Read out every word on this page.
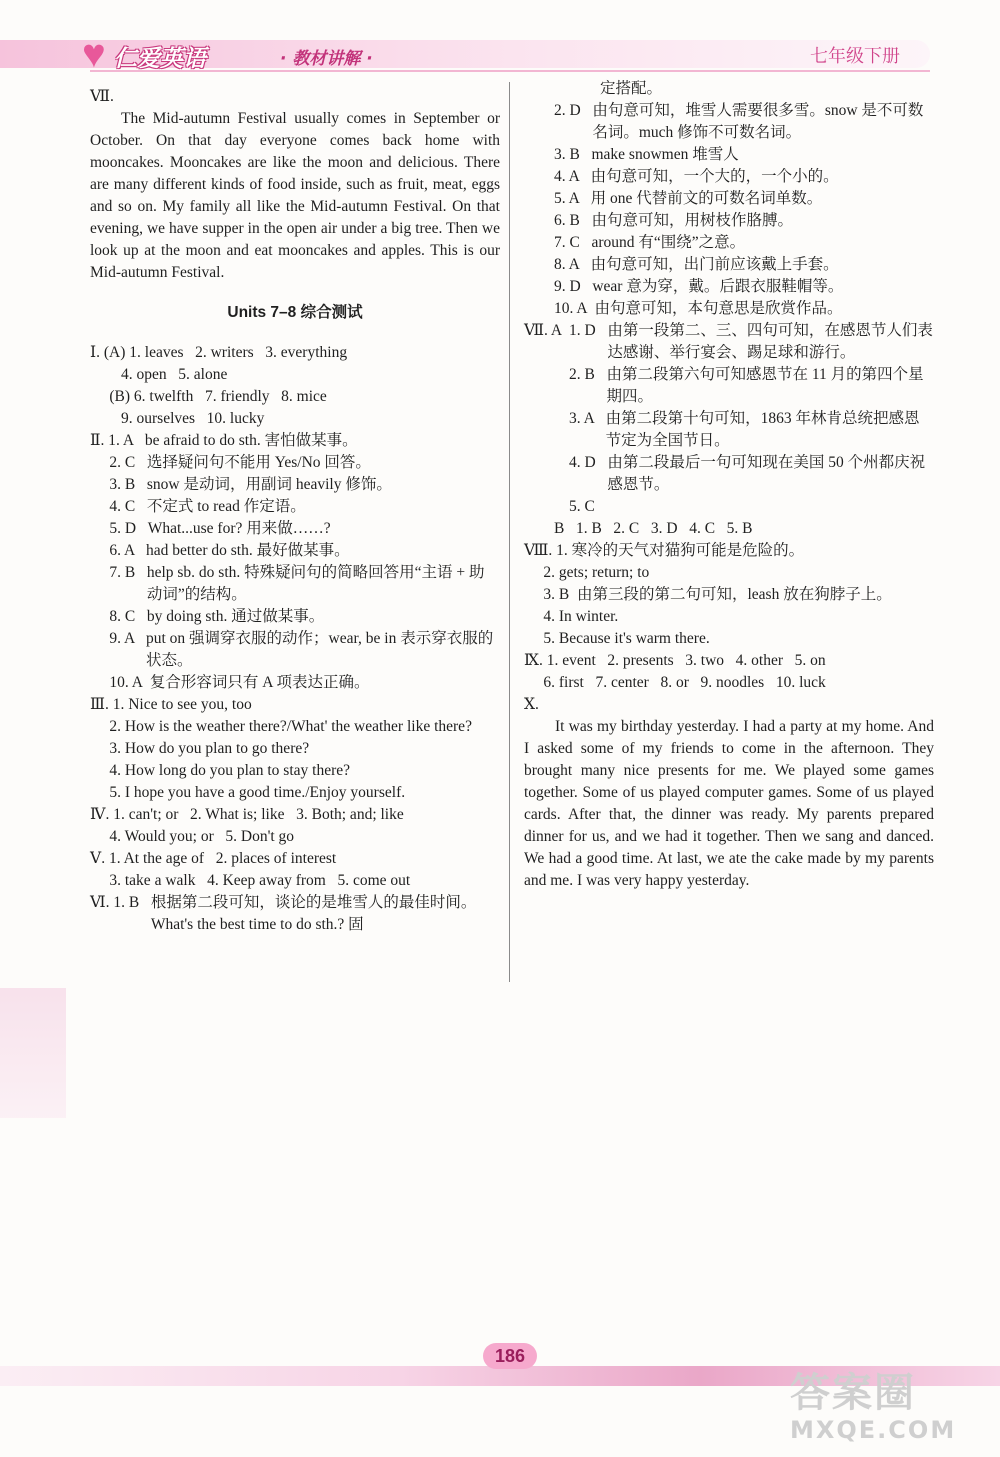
♥ 仁爱英语	· 教材讲解 ·	七年级下册
Ⅶ.

The Mid-autumn Festival usually comes in September or October. On that day everyone comes back home with mooncakes. Mooncakes are like the moon and delicious. There are many different kinds of food inside, such as fruit, meat, eggs and so on. My family all like the Mid-autumn Festival. On that evening, we have supper in the open air under a big tree. Then we look up at the moon and eat mooncakes and apples. This is our Mid-autumn Festival.

Units 7–8 综合测试
Ⅰ. (A) 1. leaves   2. writers   3. everything
4. open   5. alone
(B) 6. twelfth   7. friendly   8. mice
9. ourselves   10. lucky
Ⅱ. 1. A be afraid to do sth. 害怕做某事。
2. C 选择疑问句不能用 Yes/No 回答。
3. B snow 是动词，用副词 heavily 修饰。
4. C 不定式 to read 作定语。
5. D What...use for? 用来做……?
6. A had better do sth. 最好做某事。
7. B help sb. do sth. 特殊疑问句的简略回答用“主语 + 助动词”的结构。
8. C by doing sth. 通过做某事。
9. A put on 强调穿衣服的动作；wear, be in 表示穿衣服的状态。
10. A 复合形容词只有 A 项表达正确。
Ⅲ. 1. Nice to see you, too
2. How is the weather there?/What' the weather like there?
3. How do you plan to go there?
4. How long do you plan to stay there?
5. I hope you have a good time./Enjoy yourself.
Ⅳ. 1. can't; or   2. What is; like   3. Both; and; like
4. Would you; or   5. Don't go
Ⅴ. 1. At the age of   2. places of interest
3. take a walk   4. Keep away from   5. come out
Ⅵ. 1. B 根据第二段可知，谈论的是堆雪人的最佳时间。What's the best time to do sth.? 固
定搭配。
2. D 由句意可知，堆雪人需要很多雪。snow 是不可数名词。much 修饰不可数名词。
3. B make snowmen 堆雪人
4. A 由句意可知，一个大的，一个小的。
5. A 用 one 代替前文的可数名词单数。
6. B 由句意可知，用树枝作胳膊。
7. C around 有“围绕”之意。
8. A 由句意可知，出门前应该戴上手套。
9. D wear 意为穿，戴。后跟衣服鞋帽等。
10. A 由句意可知，本句意思是欣赏作品。
Ⅶ. A 1. D 由第一段第二、三、四句可知，在感恩节人们表达感谢、举行宴会、踢足球和游行。
2. B 由第二段第六句可知感恩节在 11 月的第四个星期四。
3. A 由第二段第十句可知，1863 年林肯总统把感恩节定为全国节日。
4. D 由第二段最后一句可知现在美国 50 个州都庆祝感恩节。
5. C
B   1. B   2. C   3. D   4. C   5. B
Ⅷ. 1. 寒冷的天气对猫狗可能是危险的。
2. gets; return; to
3. B 由第三段的第二句可知，leash 放在狗脖子上。
4. In winter.
5. Because it's warm there.
Ⅸ. 1. event   2. presents   3. two   4. other   5. on
6. first   7. center   8. or   9. noodles   10. luck
Ⅹ.

It was my birthday yesterday. I had a party at my home. And I asked some of my friends to come in the afternoon. They brought many nice presents for me. We played some games together. Some of us played computer games. Some of us played cards. After that, the dinner was ready. My parents prepared dinner for us, and we had it together. Then we sang and danced. We had a good time. At last, we ate the cake made by my parents and me. I was very happy yesterday.

186
答案圈
MXQE.COM
